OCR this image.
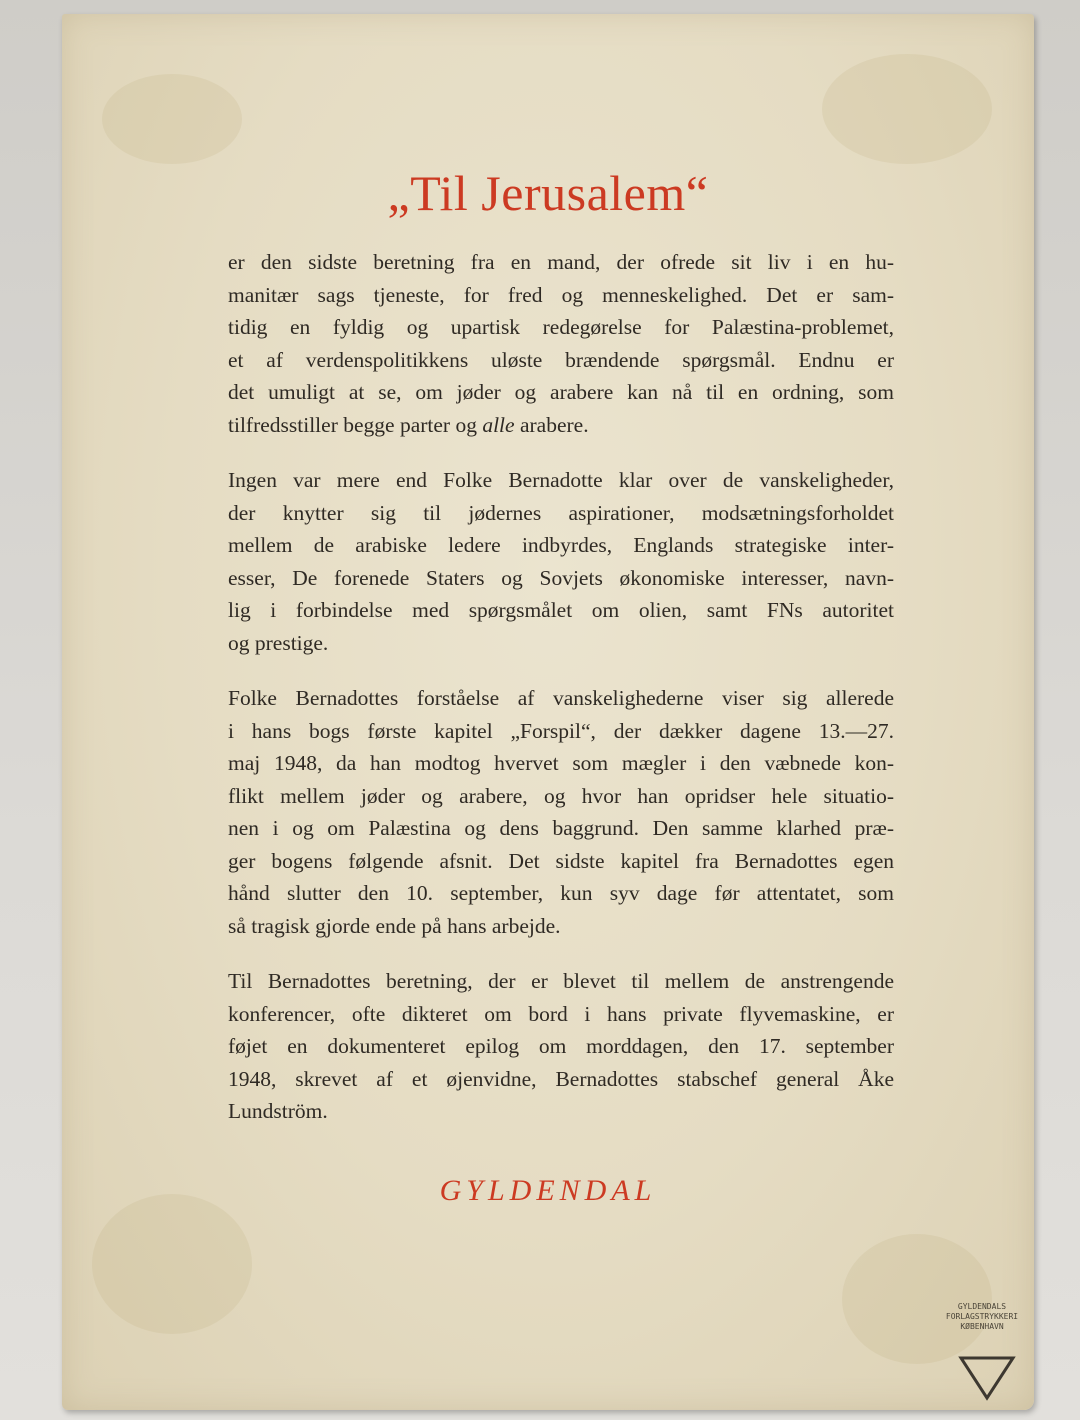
„Til Jerusalem“
er den sidste beretning fra en mand, der ofrede sit liv i en hu-
manitær sags tjeneste, for fred og menneskelighed. Det er sam-
tidig en fyldig og upartisk redegørelse for Palæstina-problemet,
et af verdenspolitikkens uløste brændende spørgsmål. Endnu er
det umuligt at se, om jøder og arabere kan nå til en ordning, som
tilfredsstiller begge parter og alle arabere.
Ingen var mere end Folke Bernadotte klar over de vanskeligheder,
der knytter sig til jødernes aspirationer, modsætningsforholdet
mellem de arabiske ledere indbyrdes, Englands strategiske inter-
esser, De forenede Staters og Sovjets økonomiske interesser, navn-
lig i forbindelse med spørgsmålet om olien, samt FNs autoritet
og prestige.
Folke Bernadottes forståelse af vanskelighederne viser sig allerede
i hans bogs første kapitel „Forspil“, der dækker dagene 13.—27.
maj 1948, da han modtog hvervet som mægler i den væbnede kon-
flikt mellem jøder og arabere, og hvor han opridser hele situatio-
nen i og om Palæstina og dens baggrund. Den samme klarhed præ-
ger bogens følgende afsnit. Det sidste kapitel fra Bernadottes egen
hånd slutter den 10. september, kun syv dage før attentatet, som
så tragisk gjorde ende på hans arbejde.
Til Bernadottes beretning, der er blevet til mellem de anstrengende
konferencer, ofte dikteret om bord i hans private flyvemaskine, er
føjet en dokumenteret epilog om morddagen, den 17. september
1948, skrevet af et øjenvidne, Bernadottes stabschef general Åke
Lundström.
GYLDENDAL
GYLDENDALS
FORLAGSTRYKKERI
KØBENHAVN
